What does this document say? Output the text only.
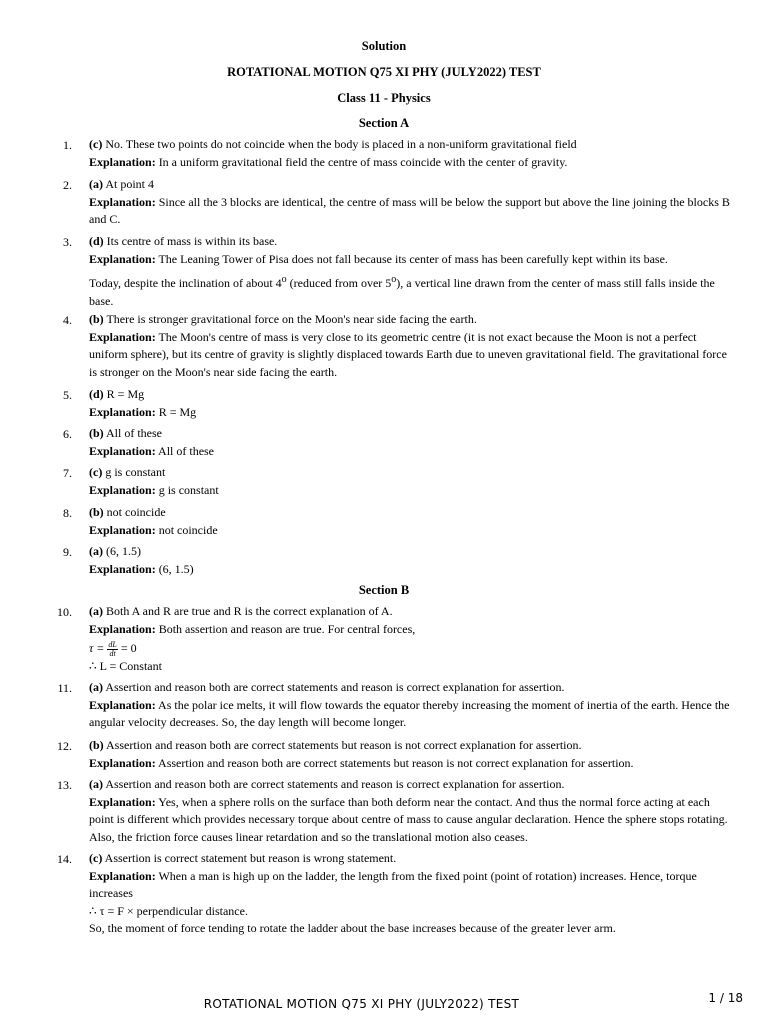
Solution
ROTATIONAL MOTION Q75 XI PHY (JULY2022) TEST
Class 11 - Physics
Section A
1. (c) No. These two points do not coincide when the body is placed in a non-uniform gravitational field
Explanation: In a uniform gravitational field the centre of mass coincide with the center of gravity.
2. (a) At point 4
Explanation: Since all the 3 blocks are identical, the centre of mass will be below the support but above the line joining the blocks B and C.
3. (d) Its centre of mass is within its base.
Explanation: The Leaning Tower of Pisa does not fall because its center of mass has been carefully kept within its base.
Today, despite the inclination of about 4$^o$ (reduced from over 5$^o$), a vertical line drawn from the center of mass still falls inside the base.
4. (b) There is stronger gravitational force on the Moon's near side facing the earth.
Explanation: The Moon's centre of mass is very close to its geometric centre (it is not exact because the Moon is not a perfect uniform sphere), but its centre of gravity is slightly displaced towards Earth due to uneven gravitational field. The gravitational force is stronger on the Moon's near side facing the earth.
5. (d) R = Mg
Explanation: R = Mg
6. (b) All of these
Explanation: All of these
7. (c) g is constant
Explanation: g is constant
8. (b) not coincide
Explanation: not coincide
9. (a) (6, 1.5)
Explanation: (6, 1.5)
Section B
10. (a) Both A and R are true and R is the correct explanation of A.
Explanation: Both assertion and reason are true. For central forces,
$\tau = \frac{dL}{dt} = 0$
∴ L = Constant
11. (a) Assertion and reason both are correct statements and reason is correct explanation for assertion.
Explanation: As the polar ice melts, it will flow towards the equator thereby increasing the moment of inertia of the earth. Hence the angular velocity decreases. So, the day length will become longer.
12. (b) Assertion and reason both are correct statements but reason is not correct explanation for assertion.
Explanation: Assertion and reason both are correct statements but reason is not correct explanation for assertion.
13. (a) Assertion and reason both are correct statements and reason is correct explanation for assertion.
Explanation: Yes, when a sphere rolls on the surface than both deform near the contact. And thus the normal force acting at each point is different which provides necessary torque about centre of mass to cause angular declaration. Hence the sphere stops rotating. Also, the friction force causes linear retardation and so the translational motion also ceases.
14. (c) Assertion is correct statement but reason is wrong statement.
Explanation: When a man is high up on the ladder, the length from the fixed point (point of rotation) increases. Hence, torque increases
∴ τ = F × perpendicular distance.
So, the moment of force tending to rotate the ladder about the base increases because of the greater lever arm.
ROTATIONAL MOTION Q75 XI PHY (JULY2022) TEST	1 / 18
